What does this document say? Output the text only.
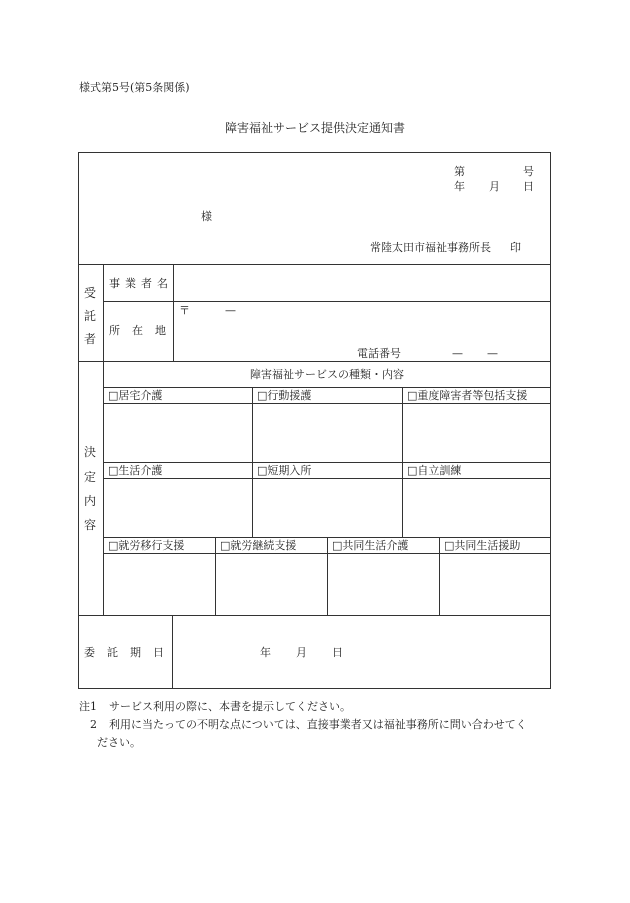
様式第5号(第5条関係)
障害福祉サービス提供決定通知書
第	号
年 月 日
様
常陸太田市福祉事務所長 印
受
託
者
事業者名
所在地
〒	—
電話番号	— —
決
定
内
容
障害福祉サービスの種類・内容
□居宅介護	□行動援護	□重度障害者等包括支援
□生活介護	□短期入所	□自立訓練
□就労移行支援	□就労継続支援	□共同生活介護	□共同生活援助
委託期日	年 月 日
注1 サービス利用の際に、本書を提示してください。
2 利用に当たっての不明な点については、直接事業者又は福祉事務所に問い合わせてく
ださい。
